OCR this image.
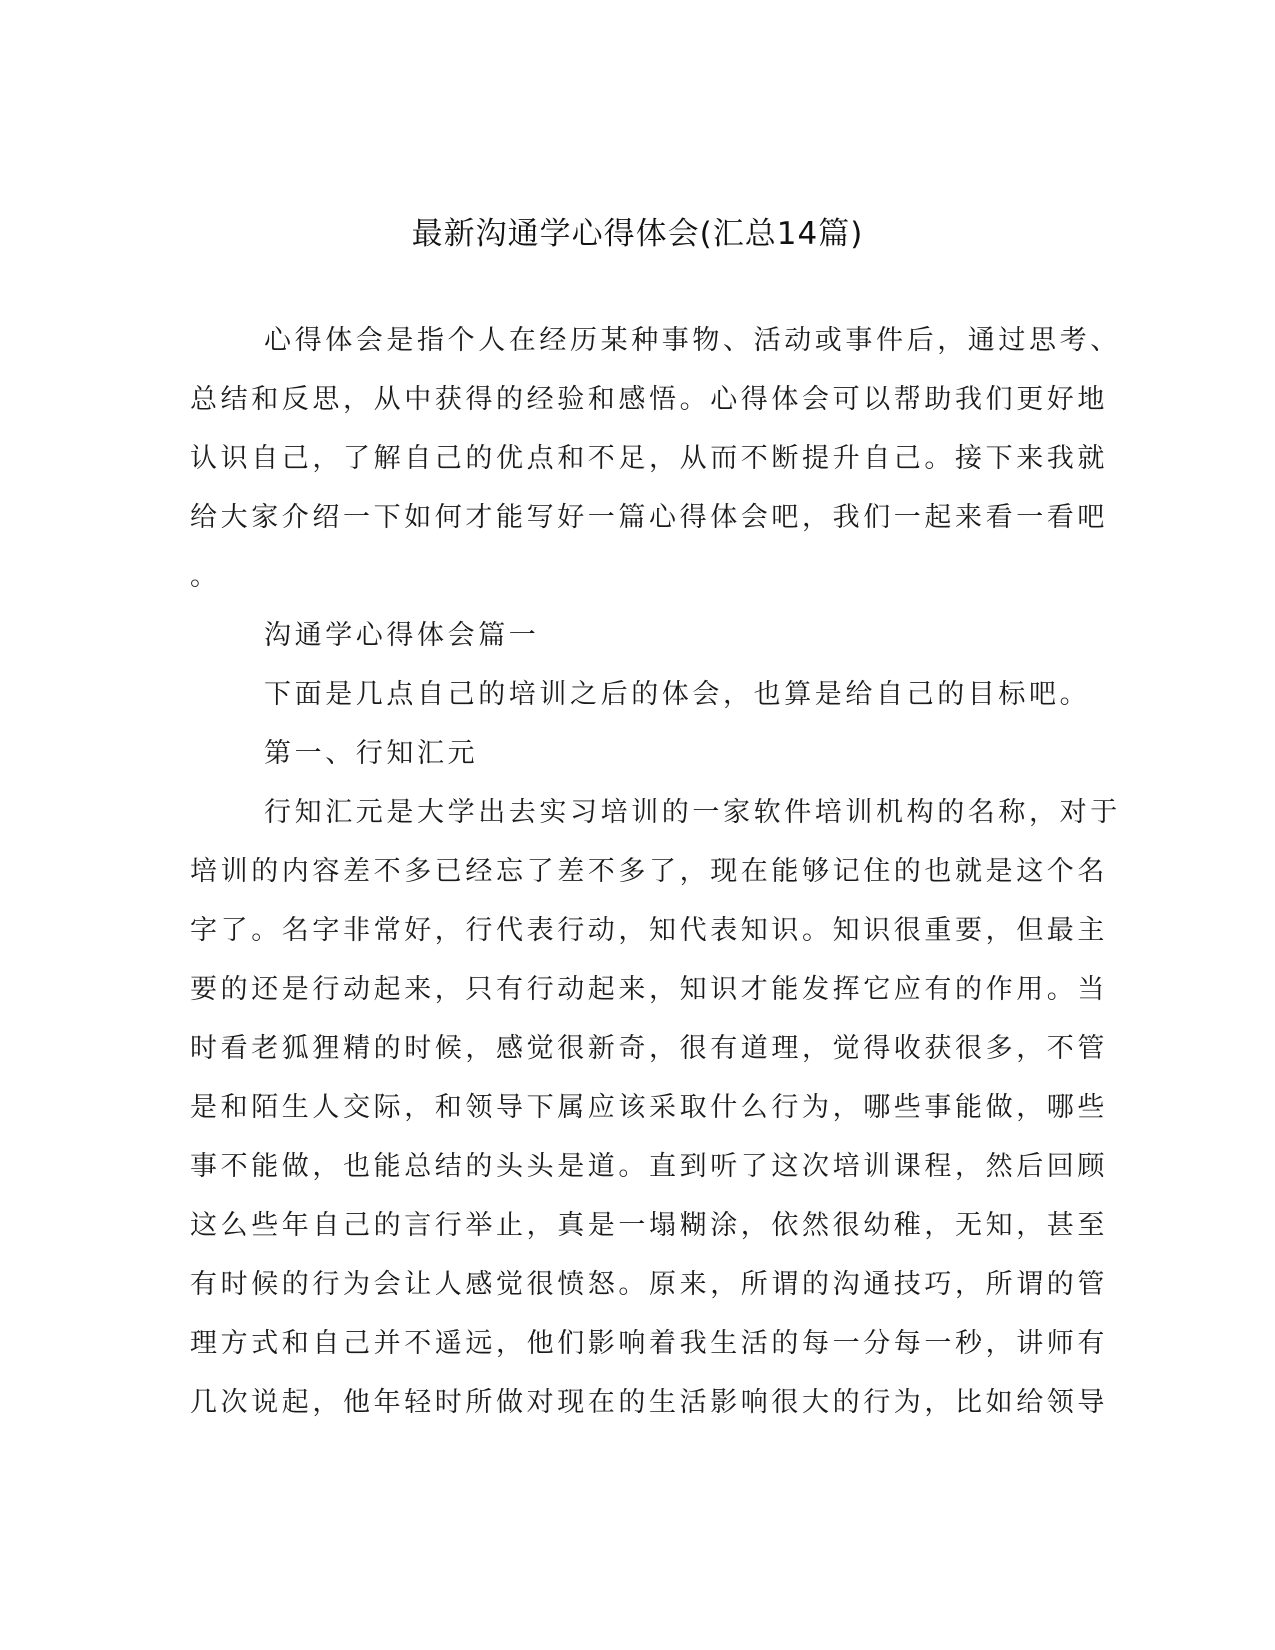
最新沟通学心得体会(汇总14篇)
心得体会是指个人在经历某种事物、活动或事件后，通过思考、
总结和反思，从中获得的经验和感悟。心得体会可以帮助我们更好地
认识自己，了解自己的优点和不足，从而不断提升自己。接下来我就
给大家介绍一下如何才能写好一篇心得体会吧，我们一起来看一看吧
。
沟通学心得体会篇一
下面是几点自己的培训之后的体会，也算是给自己的目标吧。
第一、行知汇元
行知汇元是大学出去实习培训的一家软件培训机构的名称，对于
培训的内容差不多已经忘了差不多了，现在能够记住的也就是这个名
字了。名字非常好，行代表行动，知代表知识。知识很重要，但最主
要的还是行动起来，只有行动起来，知识才能发挥它应有的作用。当
时看老狐狸精的时候，感觉很新奇，很有道理，觉得收获很多，不管
是和陌生人交际，和领导下属应该采取什么行为，哪些事能做，哪些
事不能做，也能总结的头头是道。直到听了这次培训课程，然后回顾
这么些年自己的言行举止，真是一塌糊涂，依然很幼稚，无知，甚至
有时候的行为会让人感觉很愤怒。原来，所谓的沟通技巧，所谓的管
理方式和自己并不遥远，他们影响着我生活的每一分每一秒，讲师有
几次说起，他年轻时所做对现在的生活影响很大的行为，比如给领导
